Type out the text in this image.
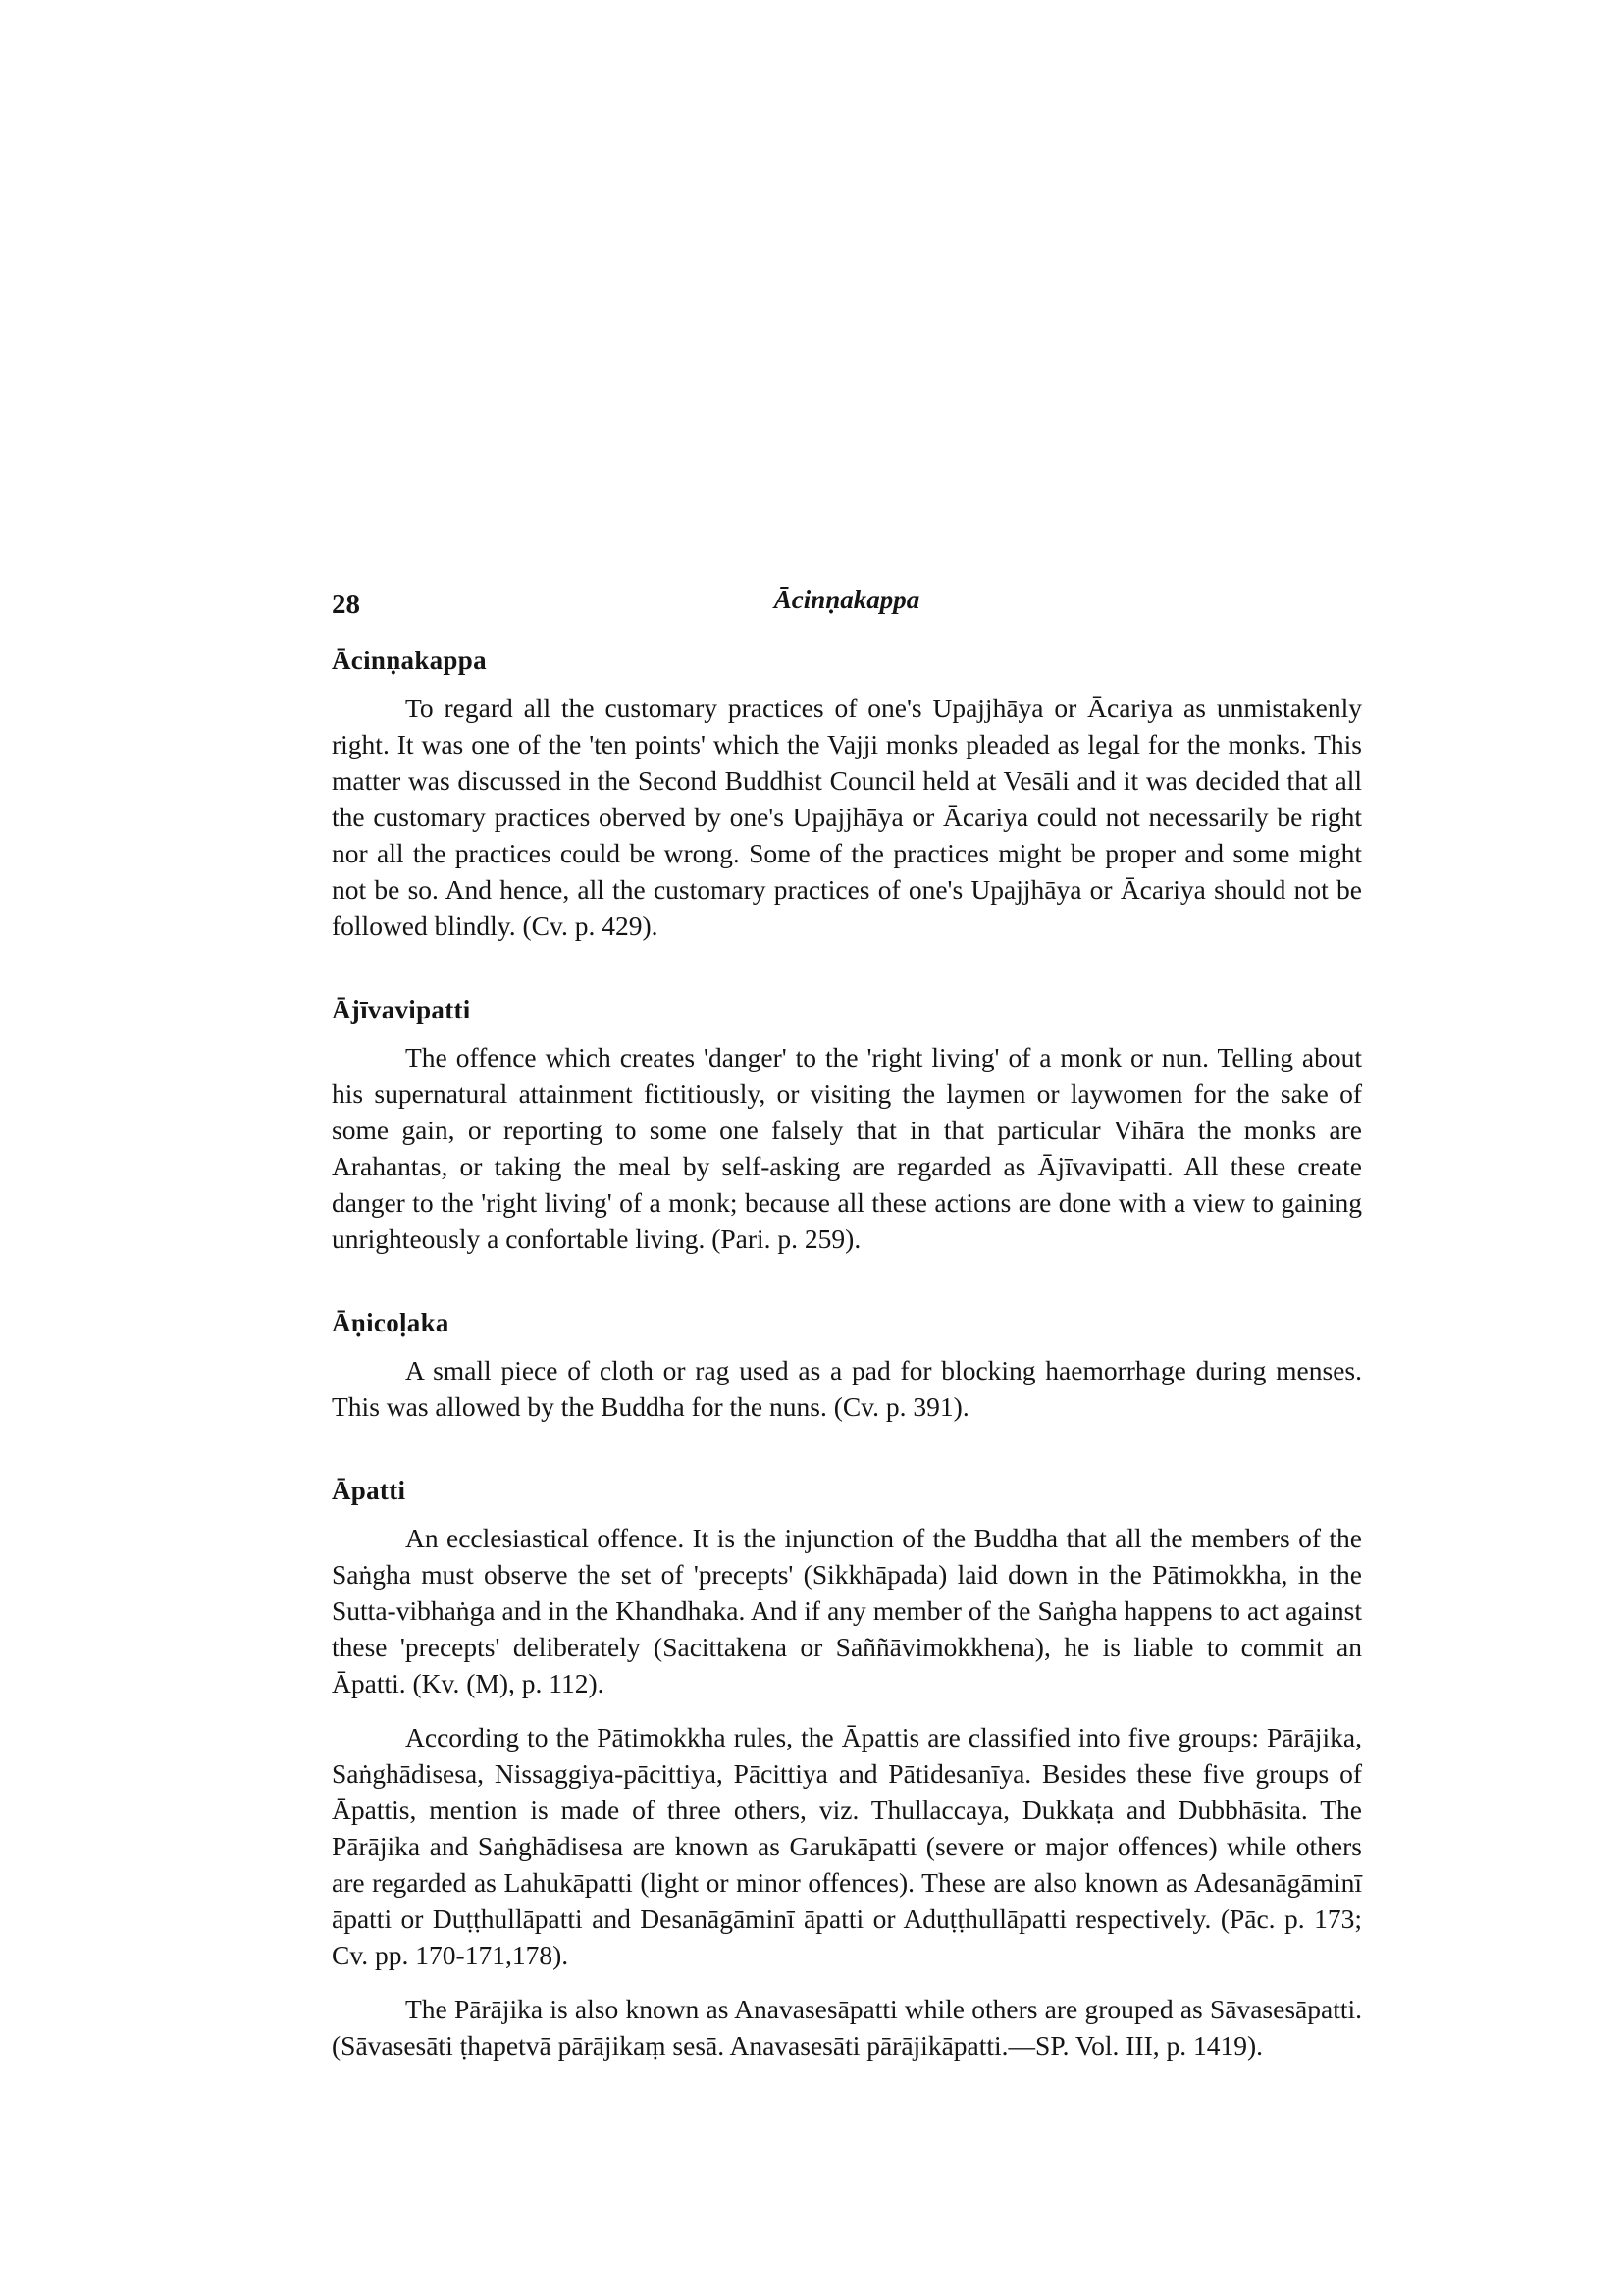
28	Ācinṇakappa
Ācinṇakappa

To regard all the customary practices of one's Upajjhāya or Ācariya as unmistakenly right. It was one of the 'ten points' which the Vajji monks pleaded as legal for the monks. This matter was discussed in the Second Buddhist Council held at Vesāli and it was decided that all the customary practices oberved by one's Upajjhāya or Ācariya could not necessarily be right nor all the practices could be wrong. Some of the practices might be proper and some might not be so. And hence, all the customary practices of one's Upajjhāya or Ācariya should not be followed blindly. (Cv. p. 429).

Ājīvavipatti

The offence which creates 'danger' to the 'right living' of a monk or nun. Telling about his supernatural attainment fictitiously, or visiting the laymen or laywomen for the sake of some gain, or reporting to some one falsely that in that particular Vihāra the monks are Arahantas, or taking the meal by self-asking are regarded as Ājīvavipatti. All these create danger to the 'right living' of a monk; because all these actions are done with a view to gaining unrighteously a confortable living. (Pari. p. 259).

Āṇicoḷaka

A small piece of cloth or rag used as a pad for blocking haemorrhage during menses. This was allowed by the Buddha for the nuns. (Cv. p. 391).

Āpatti

An ecclesiastical offence. It is the injunction of the Buddha that all the members of the Saṅgha must observe the set of 'precepts' (Sikkhāpada) laid down in the Pātimokkha, in the Sutta-vibhaṅga and in the Khandhaka. And if any member of the Saṅgha happens to act against these 'precepts' deliberately (Sacittakena or Saññāvimokkhena), he is liable to commit an Āpatti. (Kv. (M), p. 112).

According to the Pātimokkha rules, the Āpattis are classified into five groups: Pārājika, Saṅghādisesa, Nissaggiya-pācittiya, Pācittiya and Pātidesanīya. Besides these five groups of Āpattis, mention is made of three others, viz. Thullaccaya, Dukkaṭa and Dubbhāsita. The Pārājika and Saṅghādisesa are known as Garukāpatti (severe or major offences) while others are regarded as Lahukāpatti (light or minor offences). These are also known as Adesanāgāminī āpatti or Duṭṭhullāpatti and Desanāgāminī āpatti or Aduṭṭhullāpatti respectively. (Pāc. p. 173; Cv. pp. 170-171,178).

The Pārājika is also known as Anavasesāpatti while others are grouped as Sāvasesāpatti. (Sāvasesāti ṭhapetvā pārājikaṃ sesā. Anavasesāti pārājikāpatti.—SP. Vol. III, p. 1419).
